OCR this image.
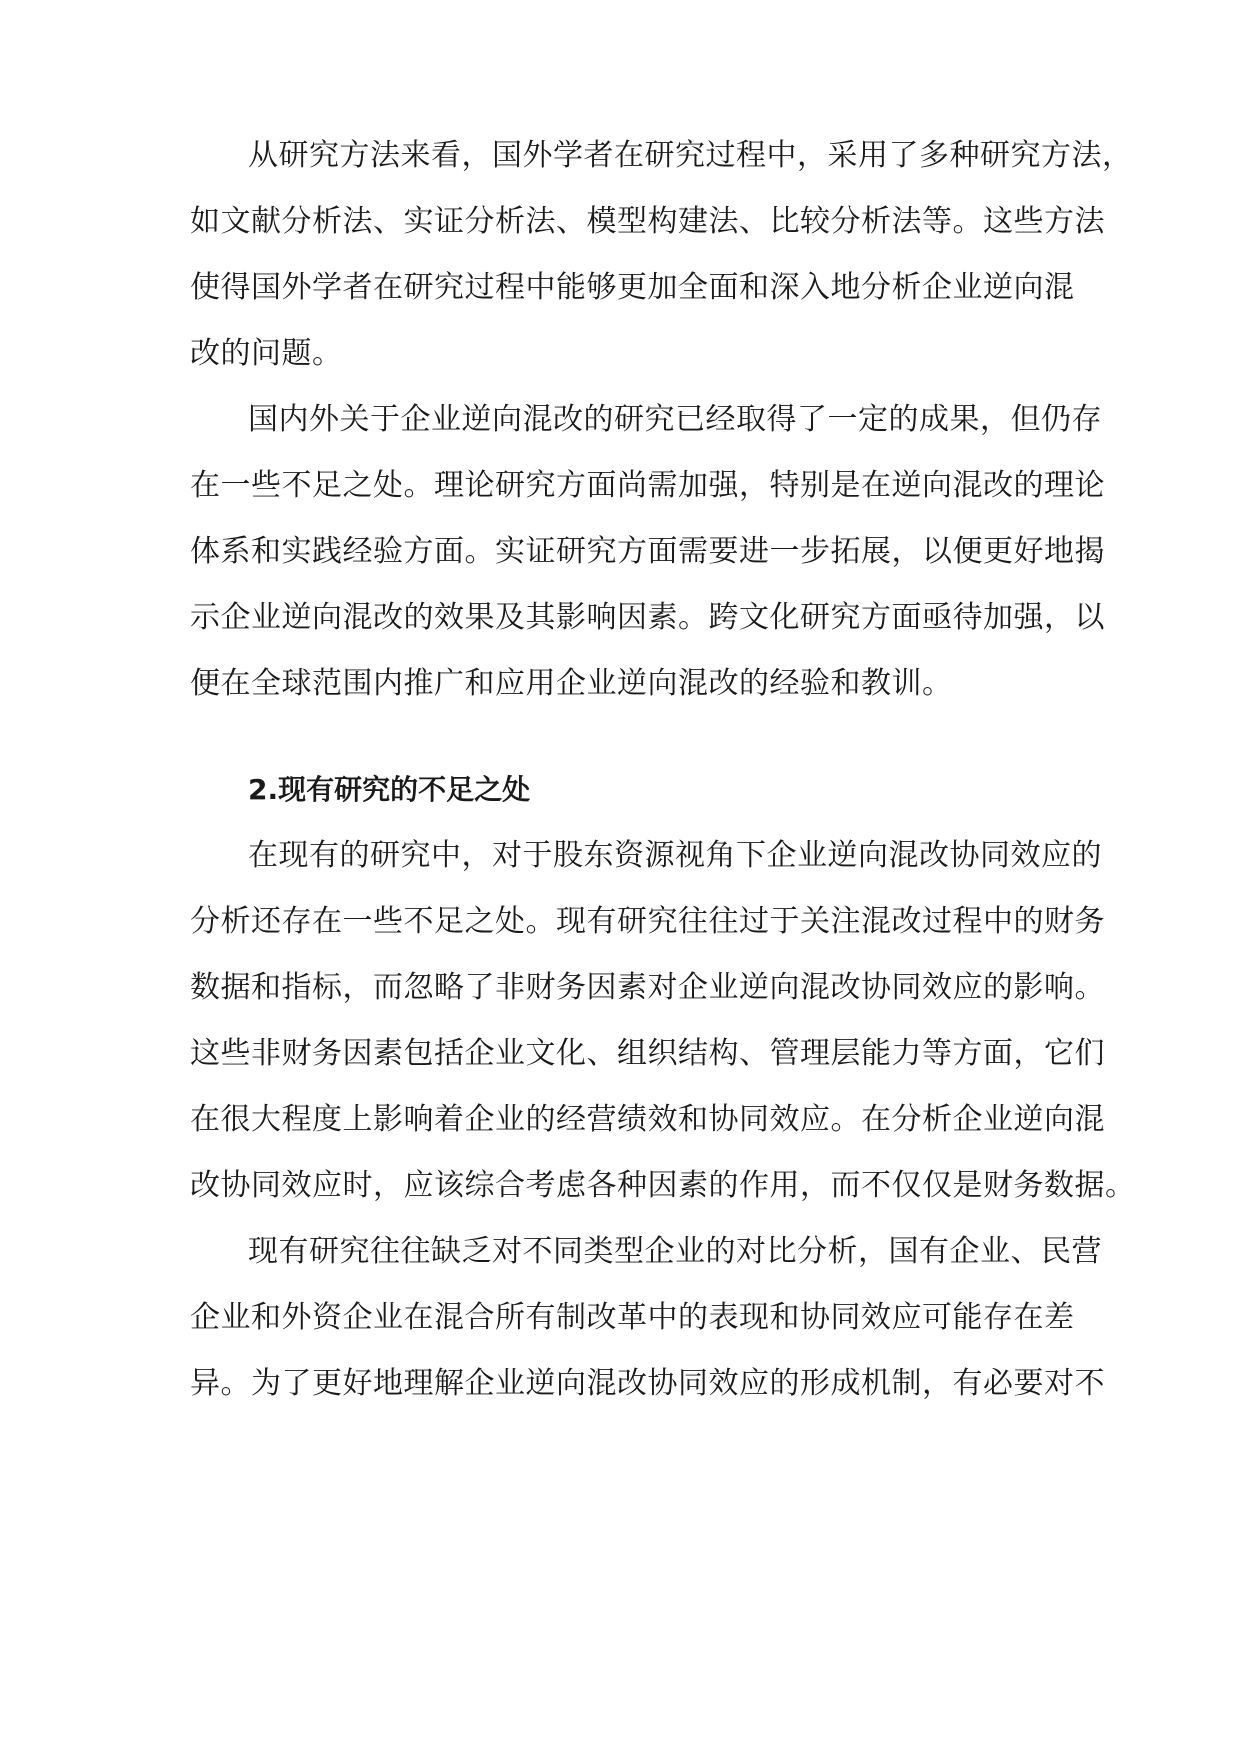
从研究方法来看，国外学者在研究过程中，采用了多种研究方法，
如文献分析法、实证分析法、模型构建法、比较分析法等。这些方法
使得国外学者在研究过程中能够更加全面和深入地分析企业逆向混
改的问题。
国内外关于企业逆向混改的研究已经取得了一定的成果，但仍存
在一些不足之处。理论研究方面尚需加强，特别是在逆向混改的理论
体系和实践经验方面。实证研究方面需要进一步拓展，以便更好地揭
示企业逆向混改的效果及其影响因素。跨文化研究方面亟待加强，以
便在全球范围内推广和应用企业逆向混改的经验和教训。
2.现有研究的不足之处
在现有的研究中，对于股东资源视角下企业逆向混改协同效应的
分析还存在一些不足之处。现有研究往往过于关注混改过程中的财务
数据和指标，而忽略了非财务因素对企业逆向混改协同效应的影响。
这些非财务因素包括企业文化、组织结构、管理层能力等方面，它们
在很大程度上影响着企业的经营绩效和协同效应。在分析企业逆向混
改协同效应时，应该综合考虑各种因素的作用，而不仅仅是财务数据。
现有研究往往缺乏对不同类型企业的对比分析，国有企业、民营
企业和外资企业在混合所有制改革中的表现和协同效应可能存在差
异。为了更好地理解企业逆向混改协同效应的形成机制，有必要对不
